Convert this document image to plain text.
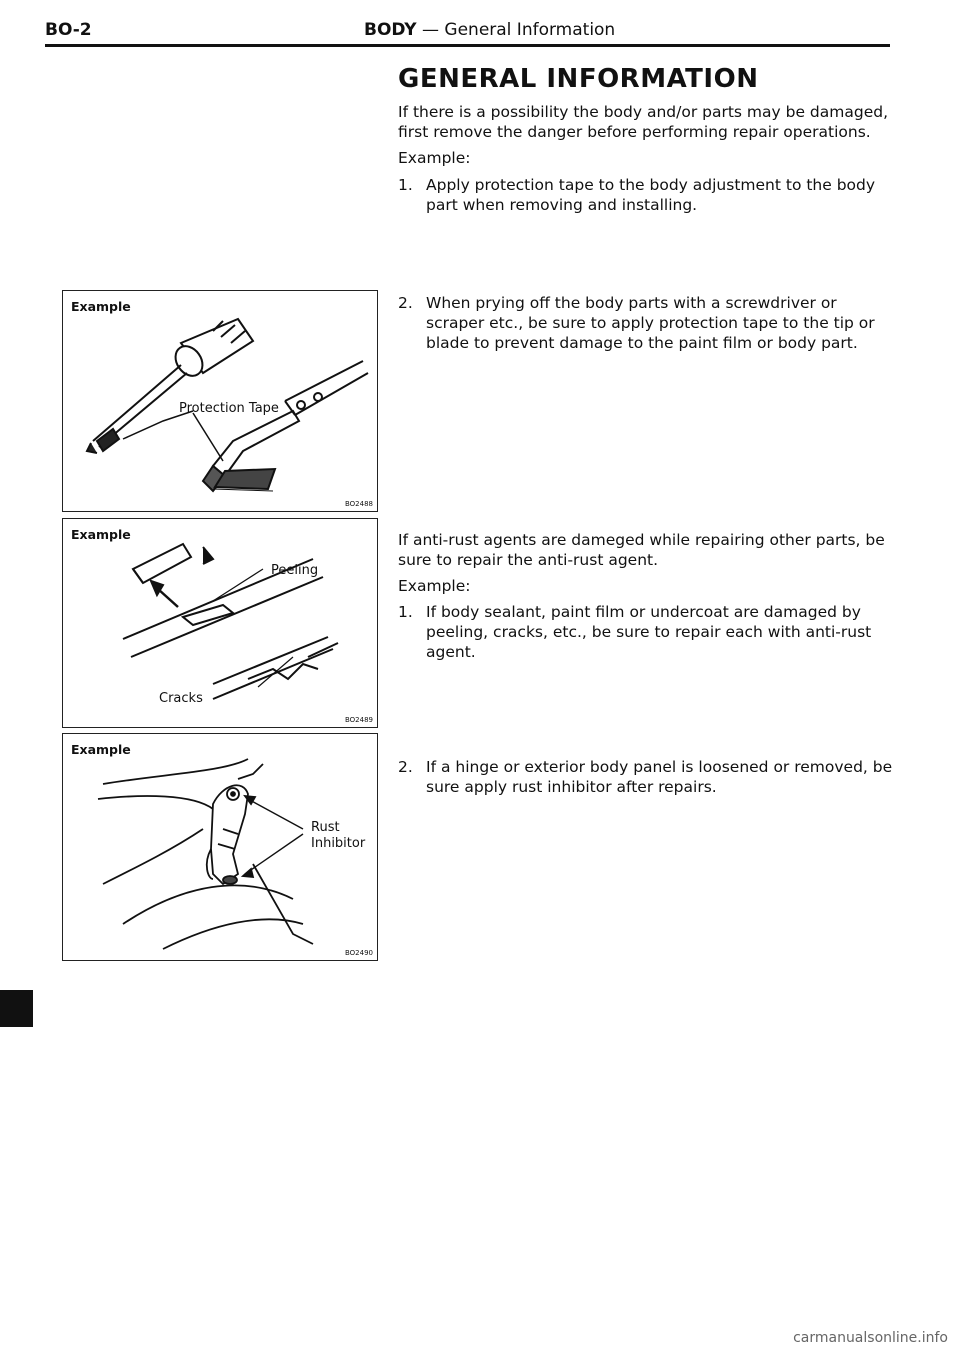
BO-2	BODY — General Information
GENERAL INFORMATION
If there is a possibility the body and/or parts may be damaged, first remove the danger before performing repair operations.
Example:
1. Apply protection tape to the body adjustment to the body part when removing and installing.
2. When prying off the body parts with a screwdriver or scraper etc., be sure to apply protection tape to the tip or blade to prevent damage to the paint film or body part.
If anti-rust agents are dameged while repairing other parts, be sure to repair the anti-rust agent.
Example:
1. If body sealant, paint film or undercoat are damaged by peeling, cracks, etc., be sure to repair each with anti-rust agent.
2. If a hinge or exterior body panel is loosened or removed, be sure apply rust inhibitor after repairs.
Example
Protection Tape
BO2488
Example
Peeling
Cracks
BO2489
Example
Rust
Inhibitor
BO2490
carmanualsonline.info
